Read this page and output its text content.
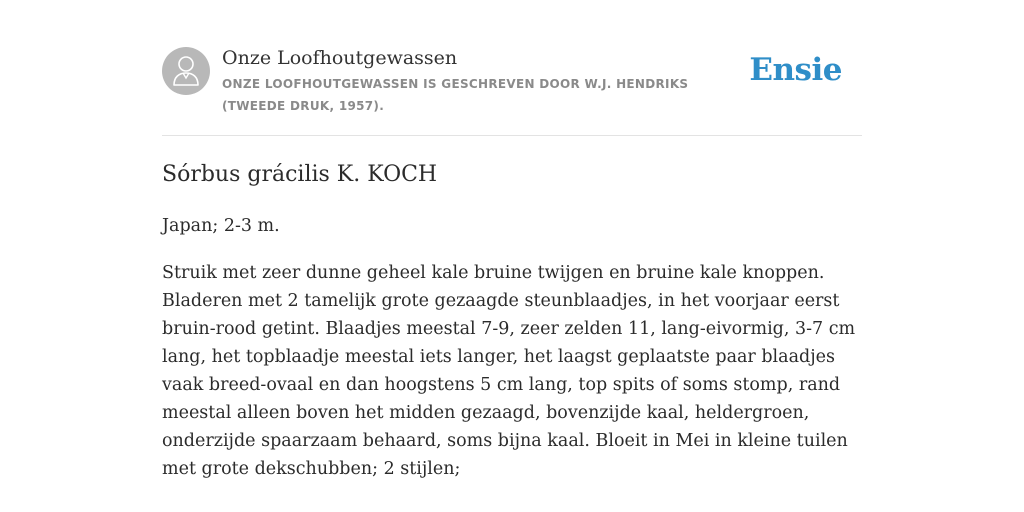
Onze Loofhoutgewassen
ONZE LOOFHOUTGEWASSEN IS GESCHREVEN DOOR W.J. HENDRIKS (TWEEDE DRUK, 1957).
Ensie
Sórbus grácilis K. KOCH

Japan; 2-3 m.

Struik met zeer dunne geheel kale bruine twijgen en bruine kale knoppen. Bladeren met 2 tamelijk grote gezaagde steunblaadjes, in het voorjaar eerst bruin-rood getint. Blaadjes meestal 7-9, zeer zelden 11, lang-eivormig, 3-7 cm lang, het topblaadje meestal iets langer, het laagst geplaatste paar blaadjes vaak breed-ovaal en dan hoogstens 5 cm lang, top spits of soms stomp, rand meestal alleen boven het midden gezaagd, bovenzijde kaal, heldergroen, onderzijde spaarzaam behaard, soms bijna kaal. Bloeit in Mei in kleine tuilen met grote dekschubben; 2 stijlen;
